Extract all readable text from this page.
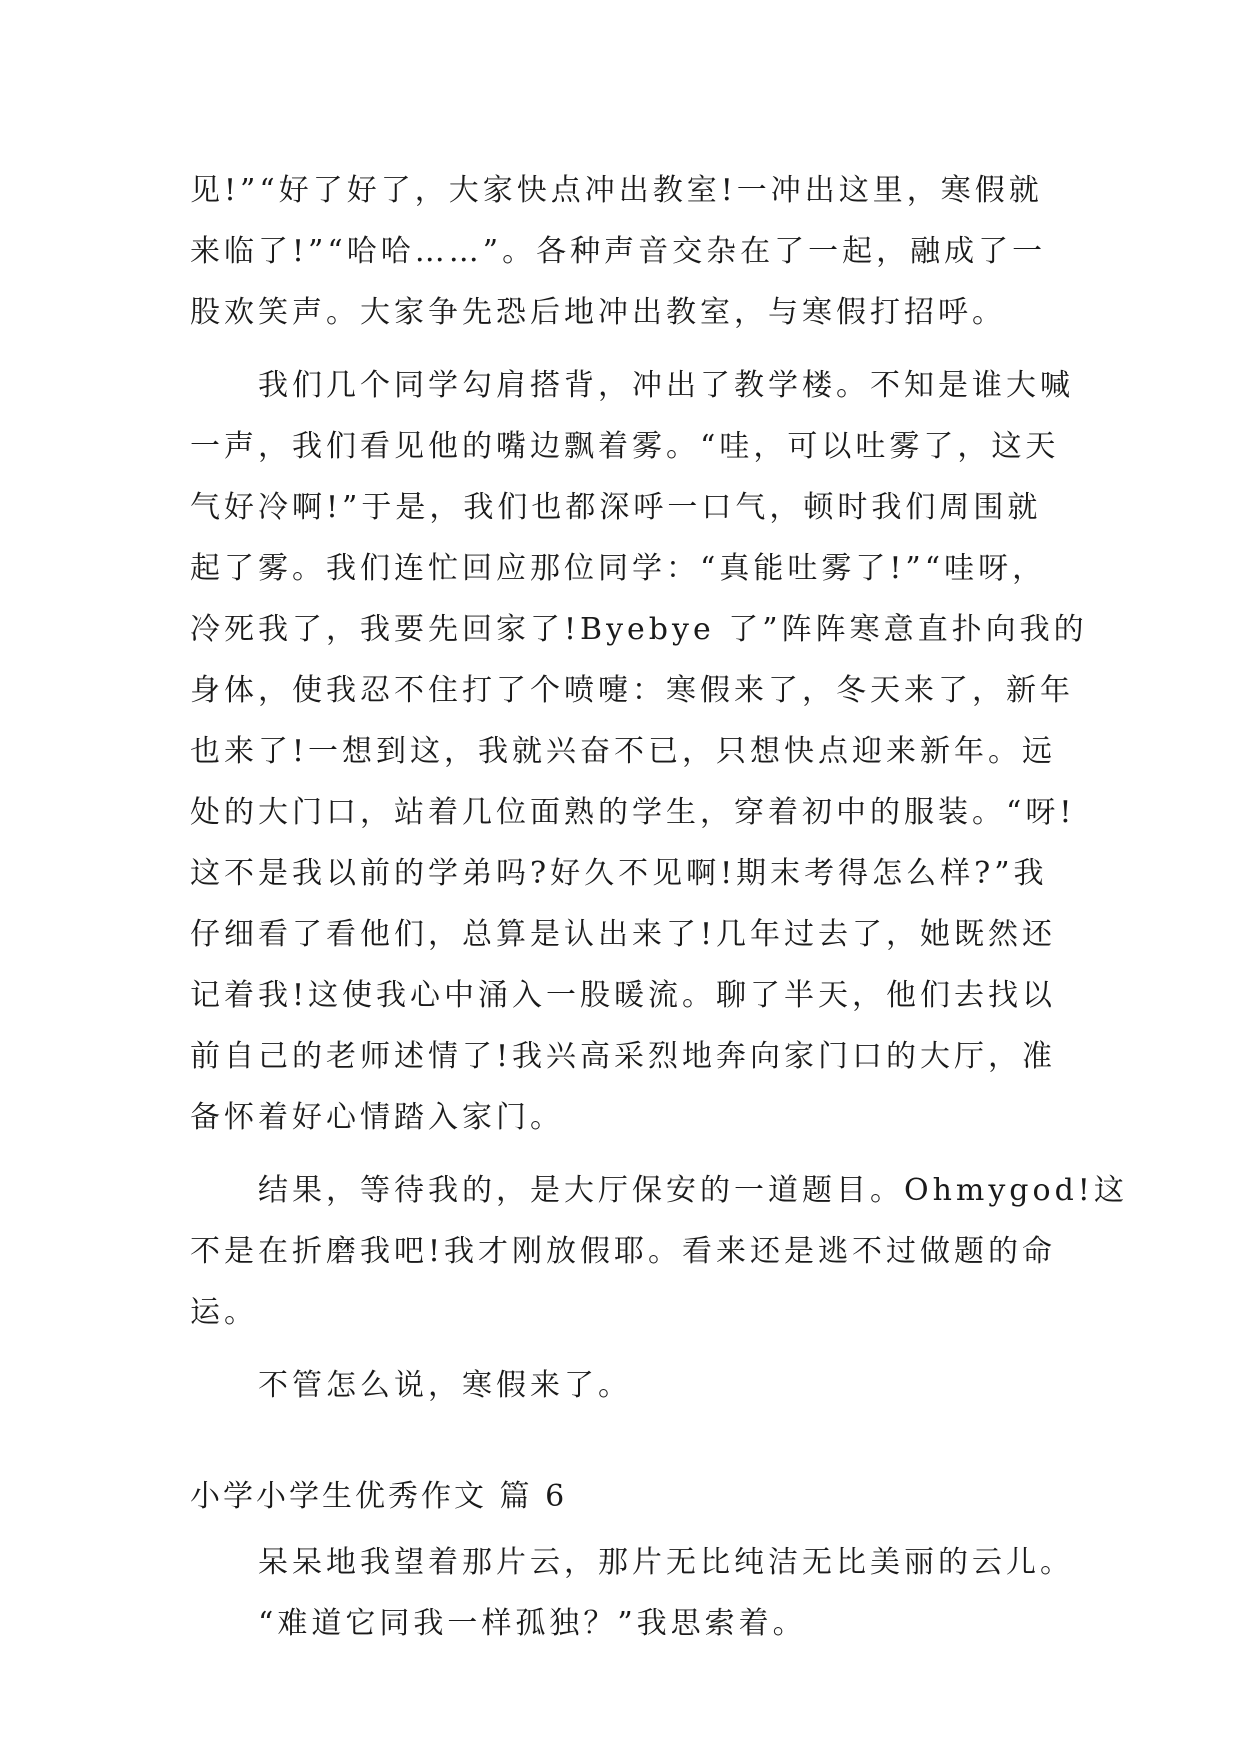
见!”“好了好了，大家快点冲出教室!一冲出这里，寒假就
来临了!”“哈哈……”。各种声音交杂在了一起，融成了一
股欢笑声。大家争先恐后地冲出教室，与寒假打招呼。
　　我们几个同学勾肩搭背，冲出了教学楼。不知是谁大喊
一声，我们看见他的嘴边飘着雾。“哇，可以吐雾了，这天
气好冷啊!”于是，我们也都深呼一口气，顿时我们周围就
起了雾。我们连忙回应那位同学：“真能吐雾了!”“哇呀，
冷死我了，我要先回家了!Byebye 了”阵阵寒意直扑向我的
身体，使我忍不住打了个喷嚏：寒假来了，冬天来了，新年
也来了!一想到这，我就兴奋不已，只想快点迎来新年。远
处的大门口，站着几位面熟的学生，穿着初中的服装。“呀!
这不是我以前的学弟吗?好久不见啊!期末考得怎么样?”我
仔细看了看他们，总算是认出来了!几年过去了，她既然还
记着我!这使我心中涌入一股暖流。聊了半天，他们去找以
前自己的老师述情了!我兴高采烈地奔向家门口的大厅，准
备怀着好心情踏入家门。
　　结果，等待我的，是大厅保安的一道题目。Ohmygod!这
不是在折磨我吧!我才刚放假耶。看来还是逃不过做题的命
运。
　　不管怎么说，寒假来了。
小学小学生优秀作文 篇 6
　　呆呆地我望着那片云，那片无比纯洁无比美丽的云儿。
　　“难道它同我一样孤独？”我思索着。
